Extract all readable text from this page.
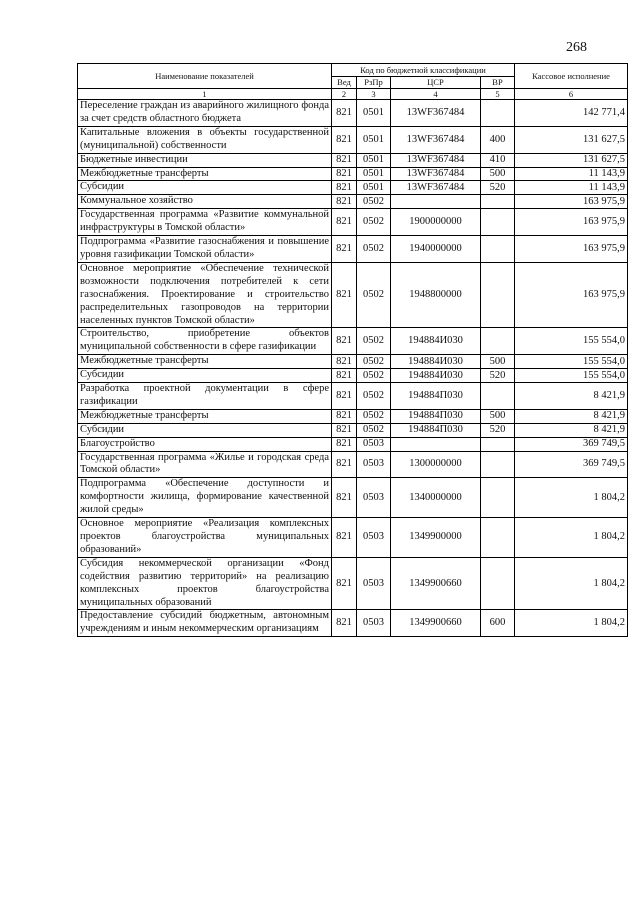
268
Наименование показателей	Код по бюджетной классификации				Кассовое исполнение
	Вед	РзПр	ЦСР	ВР	
1	2	3	4	5	6
Переселение граждан из аварийного жилищного фонда за счет средств областного бюджета	821	0501	13WF367484		142 771,4
Капитальные вложения в объекты государственной (муниципальной) собственности	821	0501	13WF367484	400	131 627,5
Бюджетные инвестиции	821	0501	13WF367484	410	131 627,5
Межбюджетные трансферты	821	0501	13WF367484	500	11 143,9
Субсидии	821	0501	13WF367484	520	11 143,9
Коммунальное хозяйство	821	0502			163 975,9
Государственная программа «Развитие коммунальной инфраструктуры в Томской области»	821	0502	1900000000		163 975,9
Подпрограмма «Развитие газоснабжения и повышение уровня газификации Томской области»	821	0502	1940000000		163 975,9
Основное мероприятие «Обеспечение технической возможности подключения потребителей к сети газоснабжения. Проектирование и строительство распределительных газопроводов на территории населенных пунктов Томской области»	821	0502	1948800000		163 975,9
Строительство, приобретение объектов муниципальной собственности в сфере газификации	821	0502	194884И030		155 554,0
Межбюджетные трансферты	821	0502	194884И030	500	155 554,0
Субсидии	821	0502	194884И030	520	155 554,0
Разработка проектной документации в сфере газификации	821	0502	194884П030		8 421,9
Межбюджетные трансферты	821	0502	194884П030	500	8 421,9
Субсидии	821	0502	194884П030	520	8 421,9
Благоустройство	821	0503			369 749,5
Государственная программа «Жилье и городская среда Томской области»	821	0503	1300000000		369 749,5
Подпрограмма «Обеспечение доступности и комфортности жилища, формирование качественной жилой среды»	821	0503	1340000000		1 804,2
Основное мероприятие «Реализация комплексных проектов благоустройства муниципальных образований»	821	0503	1349900000		1 804,2
Субсидия некоммерческой организации «Фонд содействия развитию территорий» на реализацию комплексных проектов благоустройства муниципальных образований	821	0503	1349900660		1 804,2
Предоставление субсидий бюджетным, автономным учреждениям и иным некоммерческим организациям	821	0503	1349900660	600	1 804,2
